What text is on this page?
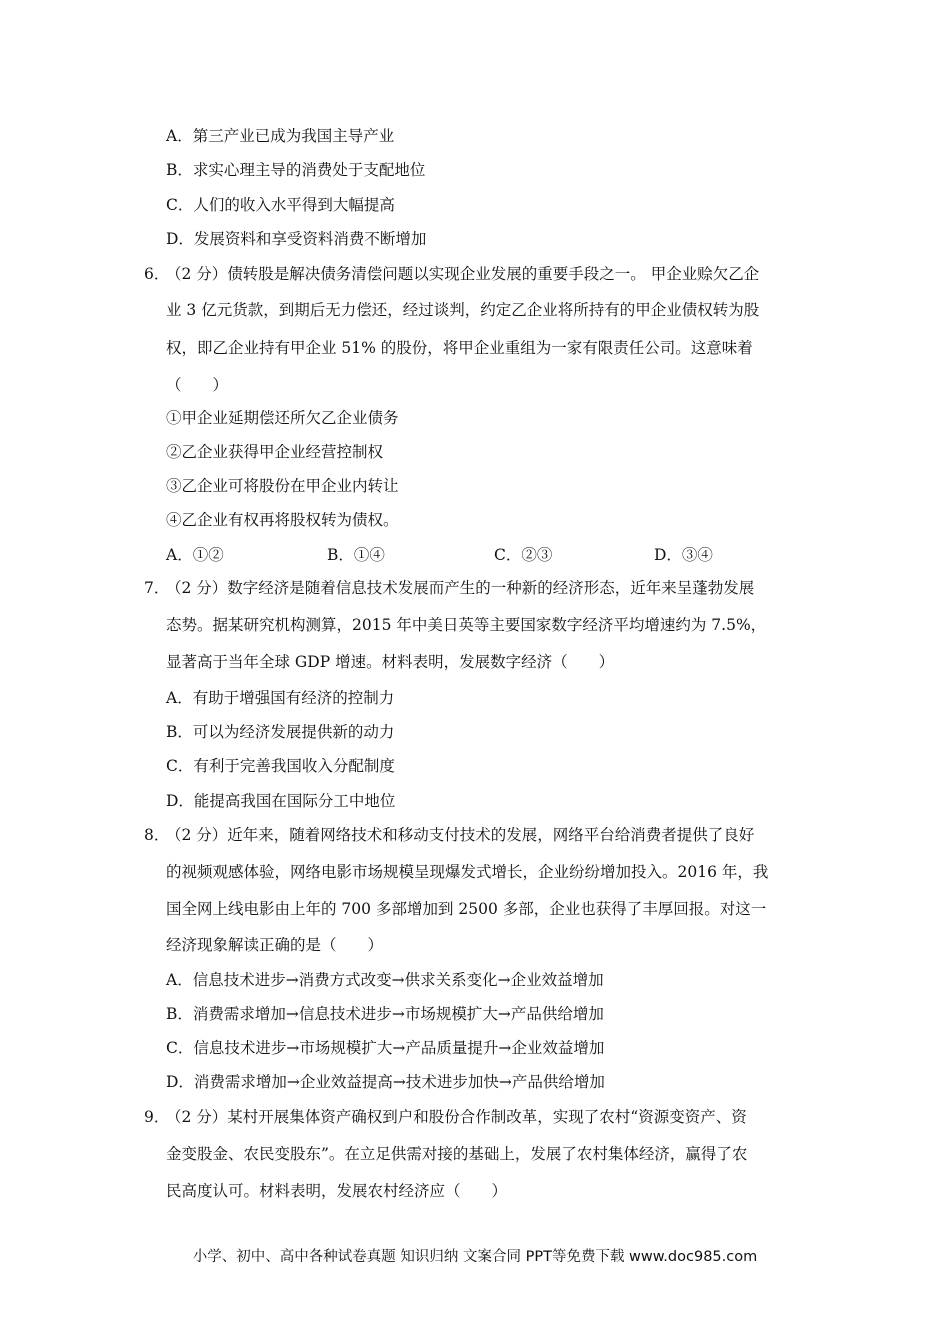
A．第三产业已成为我国主导产业
B．求实心理主导的消费处于支配地位
C．人们的收入水平得到大幅提高
D．发展资料和享受资料消费不断增加
6．（2 分）债转股是解决债务清偿问题以实现企业发展的重要手段之一。 甲企业赊欠乙企
业 3 亿元货款，到期后无力偿还，经过谈判，约定乙企业将所持有的甲企业债权转为股
权，即乙企业持有甲企业 51% 的股份，将甲企业重组为一家有限责任公司。这意味着
（　　）
①甲企业延期偿还所欠乙企业债务
②乙企业获得甲企业经营控制权
③乙企业可将股份在甲企业内转让
④乙企业有权再将股权转为债权。
A．①②	B．①④	C．②③	D．③④
7．（2 分）数字经济是随着信息技术发展而产生的一种新的经济形态，近年来呈蓬勃发展
态势。据某研究机构测算，2015 年中美日英等主要国家数字经济平均增速约为 7.5%，
显著高于当年全球 GDP 增速。材料表明，发展数字经济（　　）
A．有助于增强国有经济的控制力
B．可以为经济发展提供新的动力
C．有利于完善我国收入分配制度
D．能提高我国在国际分工中地位
8．（2 分）近年来，随着网络技术和移动支付技术的发展，网络平台给消费者提供了良好
的视频观感体验，网络电影市场规模呈现爆发式增长，企业纷纷增加投入。2016 年，我
国全网上线电影由上年的 700 多部增加到 2500 多部，企业也获得了丰厚回报。对这一
经济现象解读正确的是（　　）
A．信息技术进步→消费方式改变→供求关系变化→企业效益增加
B．消费需求增加→信息技术进步→市场规模扩大→产品供给增加
C．信息技术进步→市场规模扩大→产品质量提升→企业效益增加
D．消费需求增加→企业效益提高→技术进步加快→产品供给增加
9．（2 分）某村开展集体资产确权到户和股份合作制改革，实现了农村“资源变资产、资
金变股金、农民变股东”。在立足供需对接的基础上，发展了农村集体经济，赢得了农
民高度认可。材料表明，发展农村经济应（　　）
小学、初中、高中各种试卷真题 知识归纳 文案合同 PPT等免费下载 www.doc985.com
